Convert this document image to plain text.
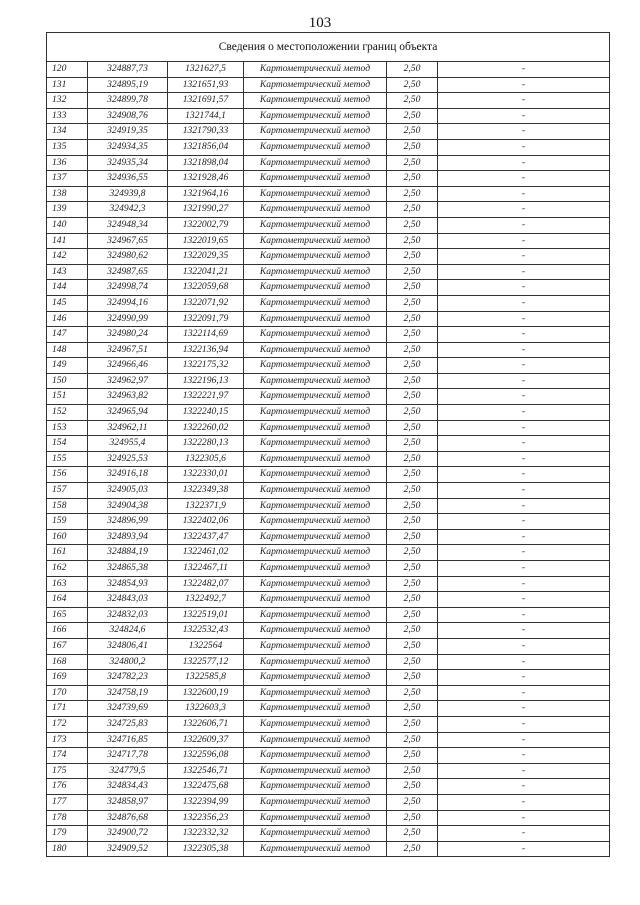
103
Сведения о местоположении границ объекта					
120	324887,73	1321627,5	Картометрический метод	2,50	-
131	324895,19	1321651,93	Картометрический метод	2,50	-
132	324899,78	1321691,57	Картометрический метод	2,50	-
133	324908,76	1321744,1	Картометрический метод	2,50	-
134	324919,35	1321790,33	Картометрический метод	2,50	-
135	324934,35	1321856,04	Картометрический метод	2,50	-
136	324935,34	1321898,04	Картометрический метод	2,50	-
137	324936,55	1321928,46	Картометрический метод	2,50	-
138	324939,8	1321964,16	Картометрический метод	2,50	-
139	324942,3	1321990,27	Картометрический метод	2,50	-
140	324948,34	1322002,79	Картометрический метод	2,50	-
141	324967,65	1322019,65	Картометрический метод	2,50	-
142	324980,62	1322029,35	Картометрический метод	2,50	-
143	324987,65	1322041,21	Картометрический метод	2,50	-
144	324998,74	1322059,68	Картометрический метод	2,50	-
145	324994,16	1322071,92	Картометрический метод	2,50	-
146	324990,99	1322091,79	Картометрический метод	2,50	-
147	324980,24	1322114,69	Картометрический метод	2,50	-
148	324967,51	1322136,94	Картометрический метод	2,50	-
149	324966,46	1322175,32	Картометрический метод	2,50	-
150	324962,97	1322196,13	Картометрический метод	2,50	-
151	324963,82	1322221,97	Картометрический метод	2,50	-
152	324965,94	1322240,15	Картометрический метод	2,50	-
153	324962,11	1322260,02	Картометрический метод	2,50	-
154	324955,4	1322280,13	Картометрический метод	2,50	-
155	324925,53	1322305,6	Картометрический метод	2,50	-
156	324916,18	1322330,01	Картометрический метод	2,50	-
157	324905,03	1322349,38	Картометрический метод	2,50	-
158	324904,38	1322371,9	Картометрический метод	2,50	-
159	324896,99	1322402,06	Картометрический метод	2,50	-
160	324893,94	1322437,47	Картометрический метод	2,50	-
161	324884,19	1322461,02	Картометрический метод	2,50	-
162	324865,38	1322467,11	Картометрический метод	2,50	-
163	324854,93	1322482,07	Картометрический метод	2,50	-
164	324843,03	1322492,7	Картометрический метод	2,50	-
165	324832,03	1322519,01	Картометрический метод	2,50	-
166	324824,6	1322532,43	Картометрический метод	2,50	-
167	324806,41	1322564	Картометрический метод	2,50	-
168	324800,2	1322577,12	Картометрический метод	2,50	-
169	324782,23	1322585,8	Картометрический метод	2,50	-
170	324758,19	1322600,19	Картометрический метод	2,50	-
171	324739,69	1322603,3	Картометрический метод	2,50	-
172	324725,83	1322606,71	Картометрический метод	2,50	-
173	324716,85	1322609,37	Картометрический метод	2,50	-
174	324717,78	1322596,08	Картометрический метод	2,50	-
175	324779,5	1322546,71	Картометрический метод	2,50	-
176	324834,43	1322475,68	Картометрический метод	2,50	-
177	324858,97	1322394,99	Картометрический метод	2,50	-
178	324876,68	1322356,23	Картометрический метод	2,50	-
179	324900,72	1322332,32	Картометрический метод	2,50	-
180	324909,52	1322305,38	Картометрический метод	2,50	-
